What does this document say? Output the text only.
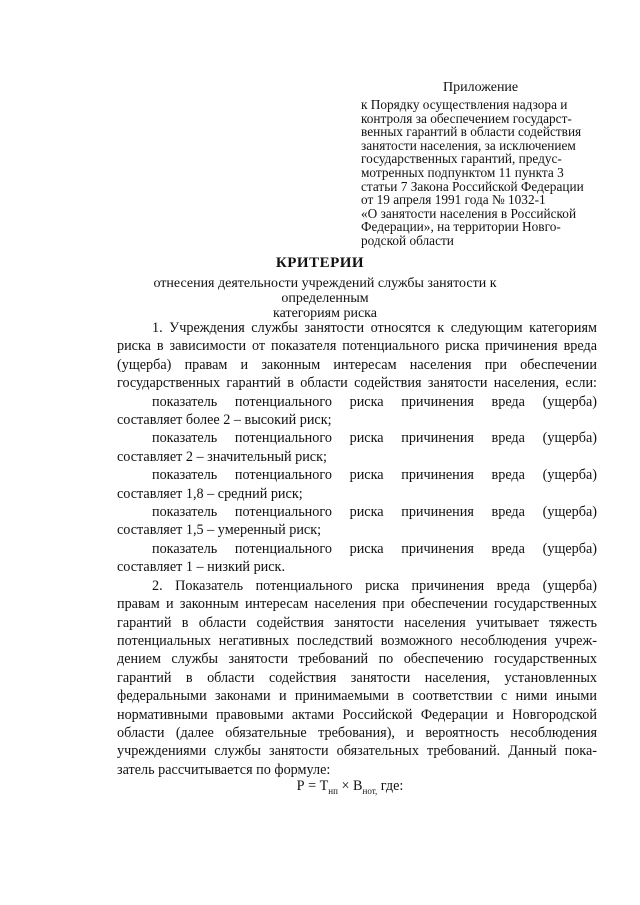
Приложение
к Порядку осуществления надзора и
контроля за обеспечением государст-
венных гарантий в области содействия
занятости населения, за исключением
государственных гарантий, предус-
мотренных подпунктом 11 пункта 3
статьи 7 Закона Российской Федерации
от 19 апреля 1991 года № 1032-1
«О занятости населения в Российской
Федерации», на территории Новго-
родской области
КРИТЕРИИ
отнесения деятельности учреждений службы занятости к определенным
категориям риска

1. Учреждения службы занятости относятся к следующим категориям

риска в зависимости от показателя потенциального риска причинения вреда

(ущерба) правам и законным интересам населения при обеспечении

государственных гарантий в области содействия занятости населения, если:

показатель потенциального риска причинения вреда (ущерба)

составляет более 2 – высокий риск;

показатель потенциального риска причинения вреда (ущерба)

составляет 2 – значительный риск;

показатель потенциального риска причинения вреда (ущерба)

составляет 1,8 – средний риск;

показатель потенциального риска причинения вреда (ущерба)

составляет 1,5 – умеренный риск;

показатель потенциального риска причинения вреда (ущерба)

составляет 1 – низкий риск.

2. Показатель потенциального риска причинения вреда (ущерба)

правам и законным интересам населения при обеспечении государственных

гарантий в области содействия занятости населения учитывает тяжесть

потенциальных негативных последствий возможного несоблюдения учреж-

дением службы занятости требований по обеспечению государственных

гарантий в области содействия занятости населения, установленных

федеральными законами и принимаемыми в соответствии с ними иными

нормативными правовыми актами Российской Федерации и Новгородской

области (далее обязательные требования), и вероятность несоблюдения

учреждениями службы занятости обязательных требований. Данный пока-

затель рассчитывается по формуле:

$Р = Т_{нп} \times В_{нот,}$ где:
